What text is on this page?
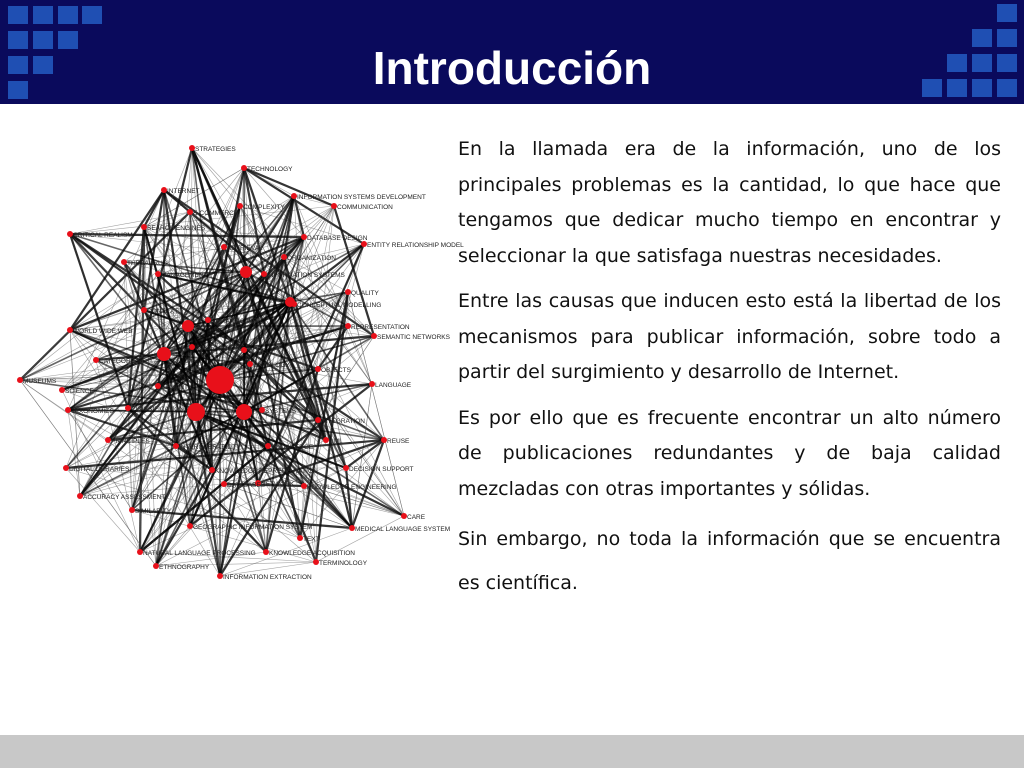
Introducción
STRATEGIES
TECHNOLOGY
INTERNET
E-COMMERCE
COMPLEXITY
INFORMATION SYSTEMS DEVELOPMENT
COMMUNICATION
SEARCH ENGINES
CRITICAL REALISM
RETRIEVAL
DATABASE DESIGN
ENTITY RELATIONSHIP MODEL
THESAURUS
MANAGEMENT
ORGANIZATION
INFORMATION SYSTEMS
QUALITY
CONCEPTUAL MODELLING
CONTEXT
SEMANTIC WEB
REPRESENTATION
SEMANTIC NETWORKS
WORLD WIDE WEB
INFORMATION MODEL
CATEGORIES
ONTOLOGY
OBJECTS
LANGUAGE
MUSEUMS
SEMANTICS
CLASSIFICATION	SYSTEMS
INTEGRATION
SCIENCE
TAXONOMIES
UML
PRINCIPLES
INTEROPERABILITY	KNOWLEDGE
REUSE
DIGITAL LIBRARIES	KNOWLEDGE REPRESENTATION	DECISION SUPPORT
KNOWLEDGE ENGINEERING
ACCURACY ASSESSMENT
DATABASES
NETWORK
SIMILARITY
CARE
GEOGRAPHIC INFORMATION SYSTEM	MEDICAL LANGUAGE SYSTEM
TEXT
NATURAL LANGUAGE PROCESSING KNOWLEDGE ACQUISITION
TERMINOLOGY
ETHNOGRAPHY
INFORMATION EXTRACTION

En la llamada era de la información, uno de los principales problemas es la cantidad, lo que hace que tengamos que dedicar mucho tiempo en encontrar y seleccionar la que satisfaga nuestras necesidades.

Entre las causas que inducen esto está la libertad de los mecanismos para publicar información, sobre todo a partir del surgimiento y desarrollo de Internet.

Es por ello que es frecuente encontrar un alto número de publicaciones redundantes y de baja calidad mezcladas con otras importantes y sólidas.

Sin embargo, no toda la información que se encuentra es científica.
